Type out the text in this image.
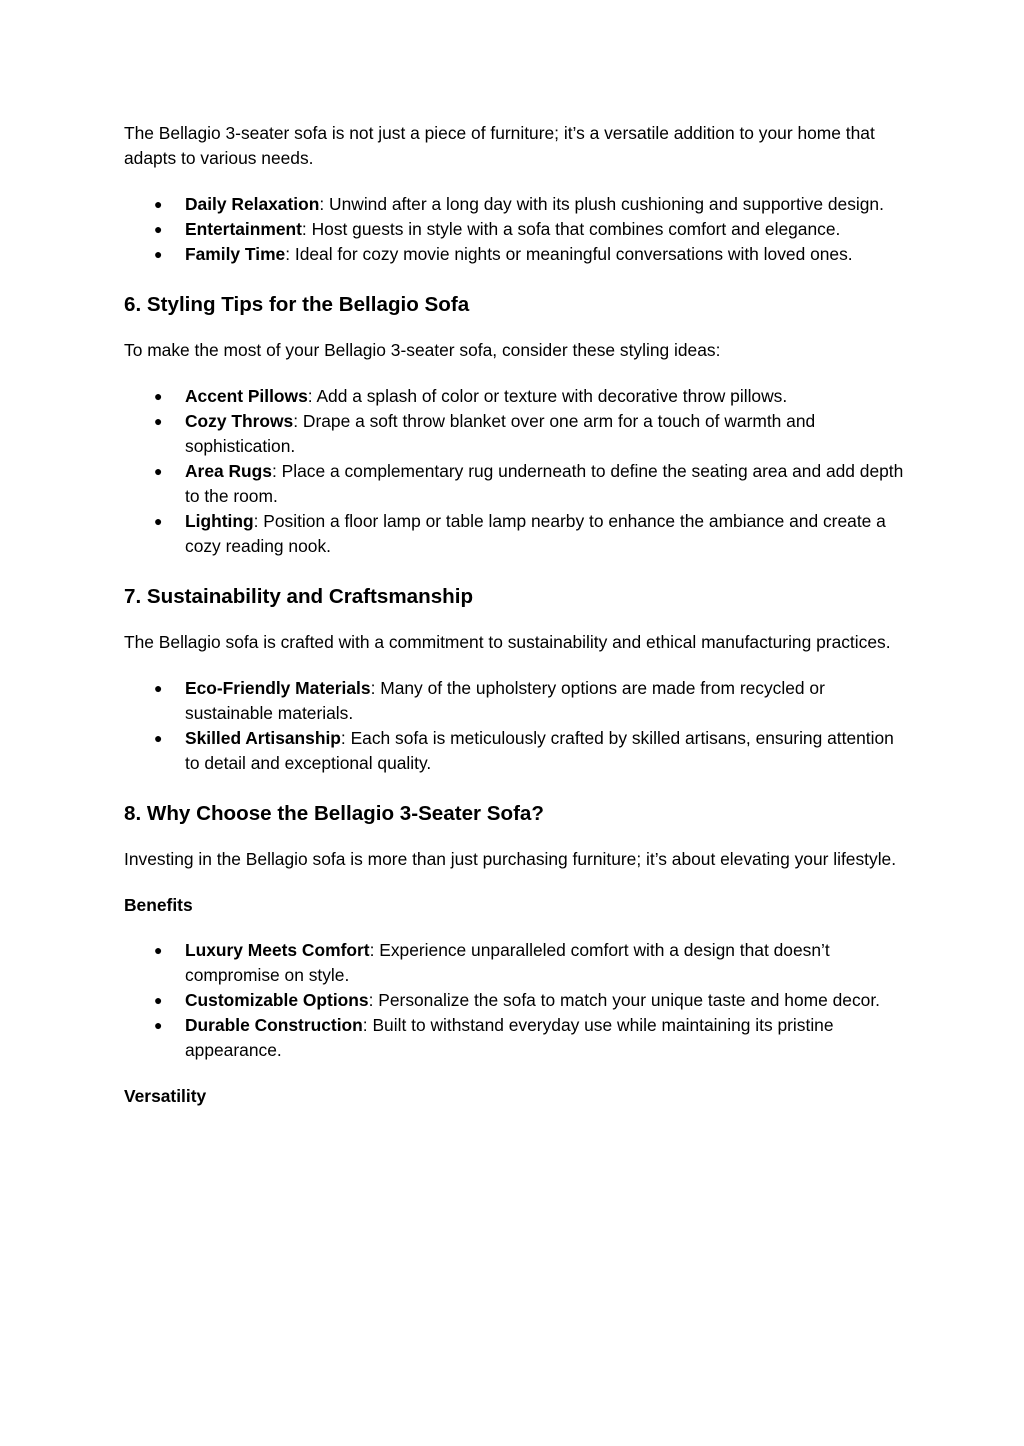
The Bellagio 3-seater sofa is not just a piece of furniture; it’s a versatile addition to your home that adapts to various needs.

● Daily Relaxation: Unwind after a long day with its plush cushioning and supportive design.
● Entertainment: Host guests in style with a sofa that combines comfort and elegance.
● Family Time: Ideal for cozy movie nights or meaningful conversations with loved ones.
6. Styling Tips for the Bellagio Sofa

To make the most of your Bellagio 3-seater sofa, consider these styling ideas:

● Accent Pillows: Add a splash of color or texture with decorative throw pillows.
● Cozy Throws: Drape a soft throw blanket over one arm for a touch of warmth and sophistication.
● Area Rugs: Place a complementary rug underneath to define the seating area and add depth to the room.
● Lighting: Position a floor lamp or table lamp nearby to enhance the ambiance and create a cozy reading nook.
7. Sustainability and Craftsmanship

The Bellagio sofa is crafted with a commitment to sustainability and ethical manufacturing practices.

● Eco-Friendly Materials: Many of the upholstery options are made from recycled or sustainable materials.
● Skilled Artisanship: Each sofa is meticulously crafted by skilled artisans, ensuring attention to detail and exceptional quality.
8. Why Choose the Bellagio 3-Seater Sofa?

Investing in the Bellagio sofa is more than just purchasing furniture; it’s about elevating your lifestyle.

Benefits

● Luxury Meets Comfort: Experience unparalleled comfort with a design that doesn’t compromise on style.
● Customizable Options: Personalize the sofa to match your unique taste and home decor.
● Durable Construction: Built to withstand everyday use while maintaining its pristine appearance.

Versatility
